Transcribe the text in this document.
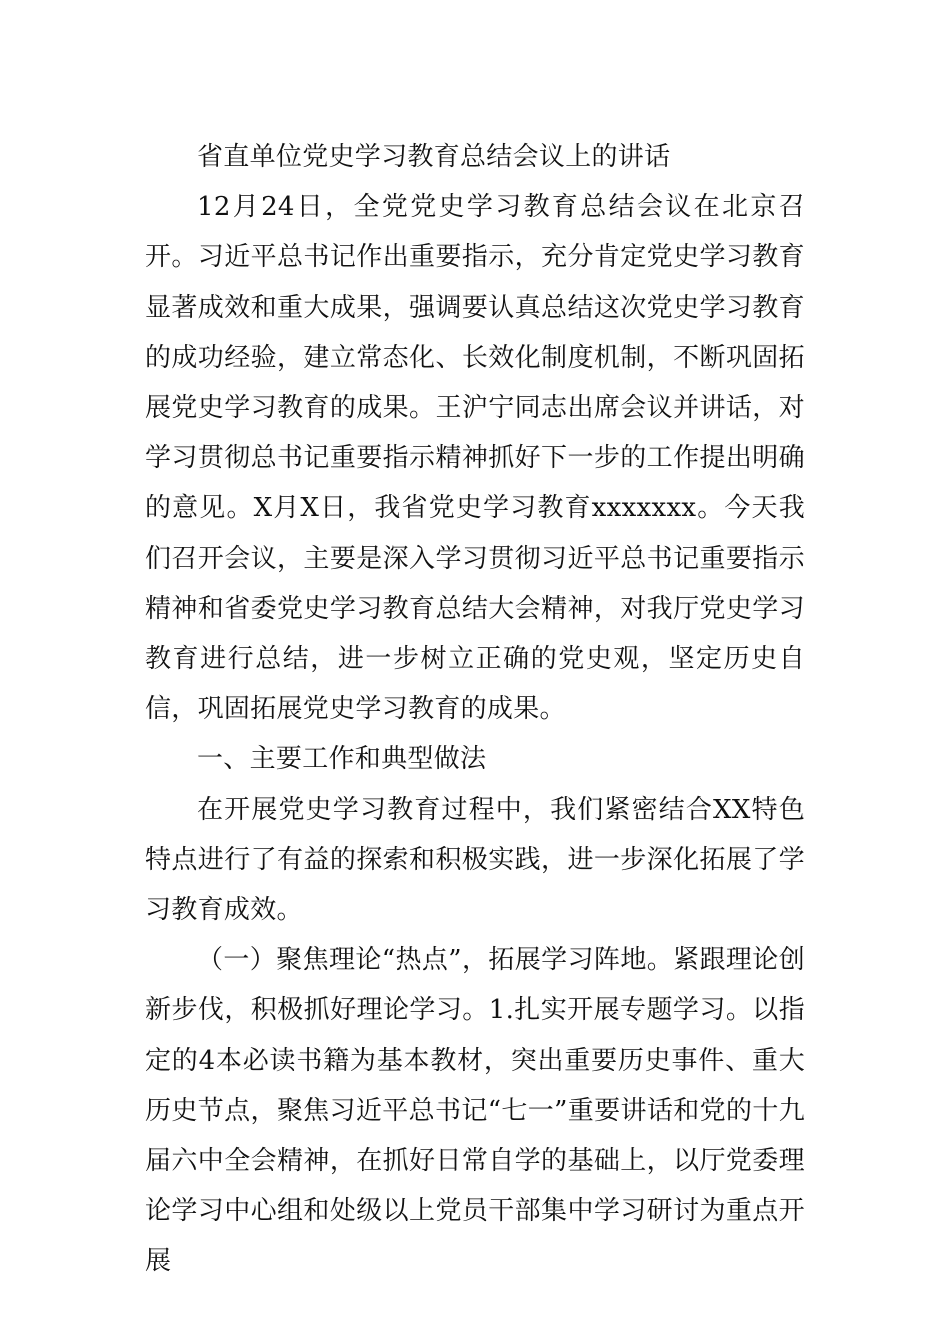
省直单位党史学习教育总结会议上的讲话

12月24日，全党党史学习教育总结会议在北京召开。习近平总书记作出重要指示，充分肯定党史学习教育显著成效和重大成果，强调要认真总结这次党史学习教育的成功经验，建立常态化、长效化制度机制，不断巩固拓展党史学习教育的成果。王沪宁同志出席会议并讲话，对学习贯彻总书记重要指示精神抓好下一步的工作提出明确的意见。X月X日，我省党史学习教育xxxxxxx。今天我们召开会议，主要是深入学习贯彻习近平总书记重要指示精神和省委党史学习教育总结大会精神，对我厅党史学习教育进行总结，进一步树立正确的党史观，坚定历史自信，巩固拓展党史学习教育的成果。

一、主要工作和典型做法

在开展党史学习教育过程中，我们紧密结合XX特色特点进行了有益的探索和积极实践，进一步深化拓展了学习教育成效。

（一）聚焦理论“热点”，拓展学习阵地。紧跟理论创新步伐，积极抓好理论学习。1.扎实开展专题学习。以指定的4本必读书籍为基本教材，突出重要历史事件、重大历史节点，聚焦习近平总书记“七一”重要讲话和党的十九届六中全会精神，在抓好日常自学的基础上，以厅党委理论学习中心组和处级以上党员干部集中学习研讨为重点开展
